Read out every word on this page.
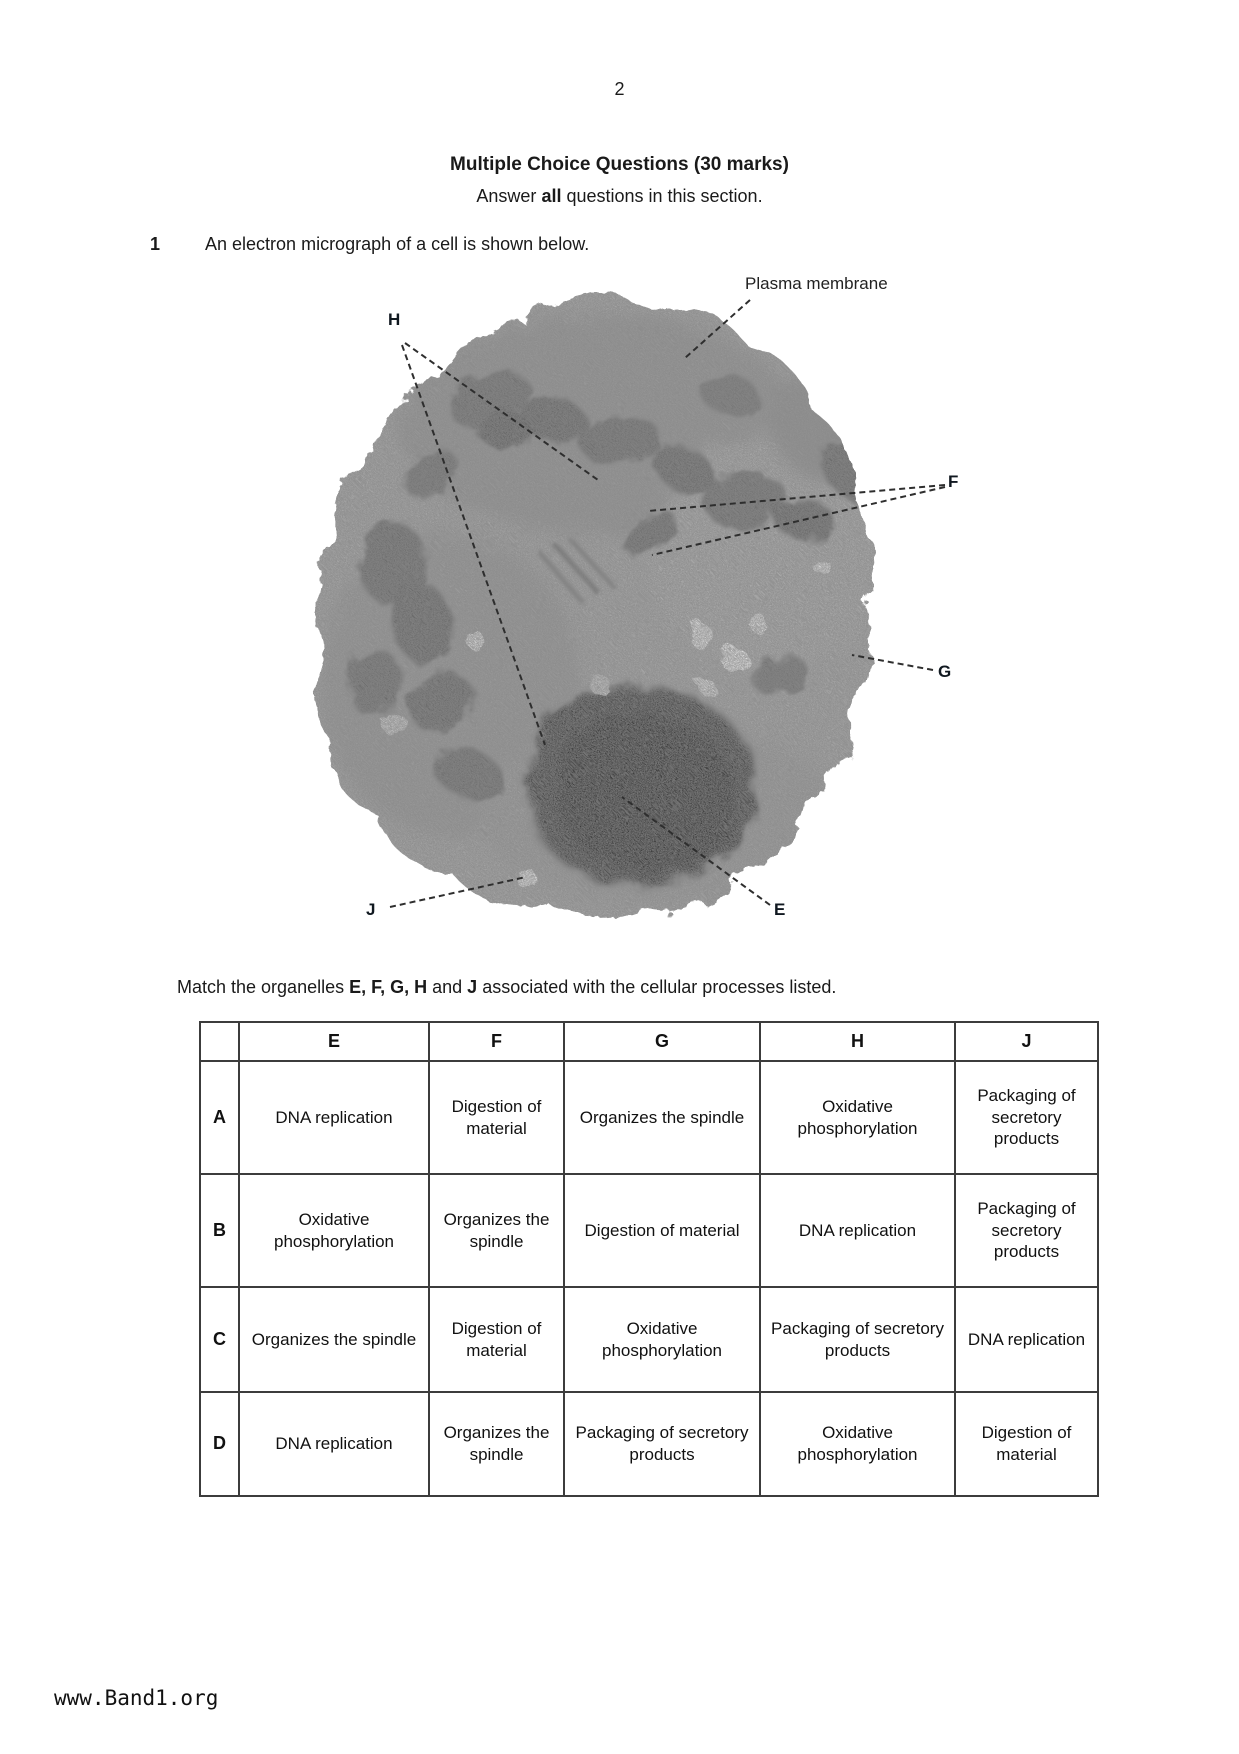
2
Multiple Choice Questions (30 marks)
Answer all questions in this section.
1	An electron micrograph of a cell is shown below.
Plasma membrane
H
F
G
J	E
Match the organelles E, F, G, H and J associated with the cellular processes listed.
	E	F	G	H	J
A	DNA replication	Digestion of material	Organizes the spindle	Oxidative phosphorylation	Packaging of secretory products
B	Oxidative phosphorylation	Organizes the spindle	Digestion of material	DNA replication	Packaging of secretory products
C	Organizes the spindle	Digestion of material	Oxidative phosphorylation	Packaging of secretory products	DNA replication
D	DNA replication	Organizes the spindle	Packaging of secretory products	Oxidative phosphorylation	Digestion of material
www.Band1.org
